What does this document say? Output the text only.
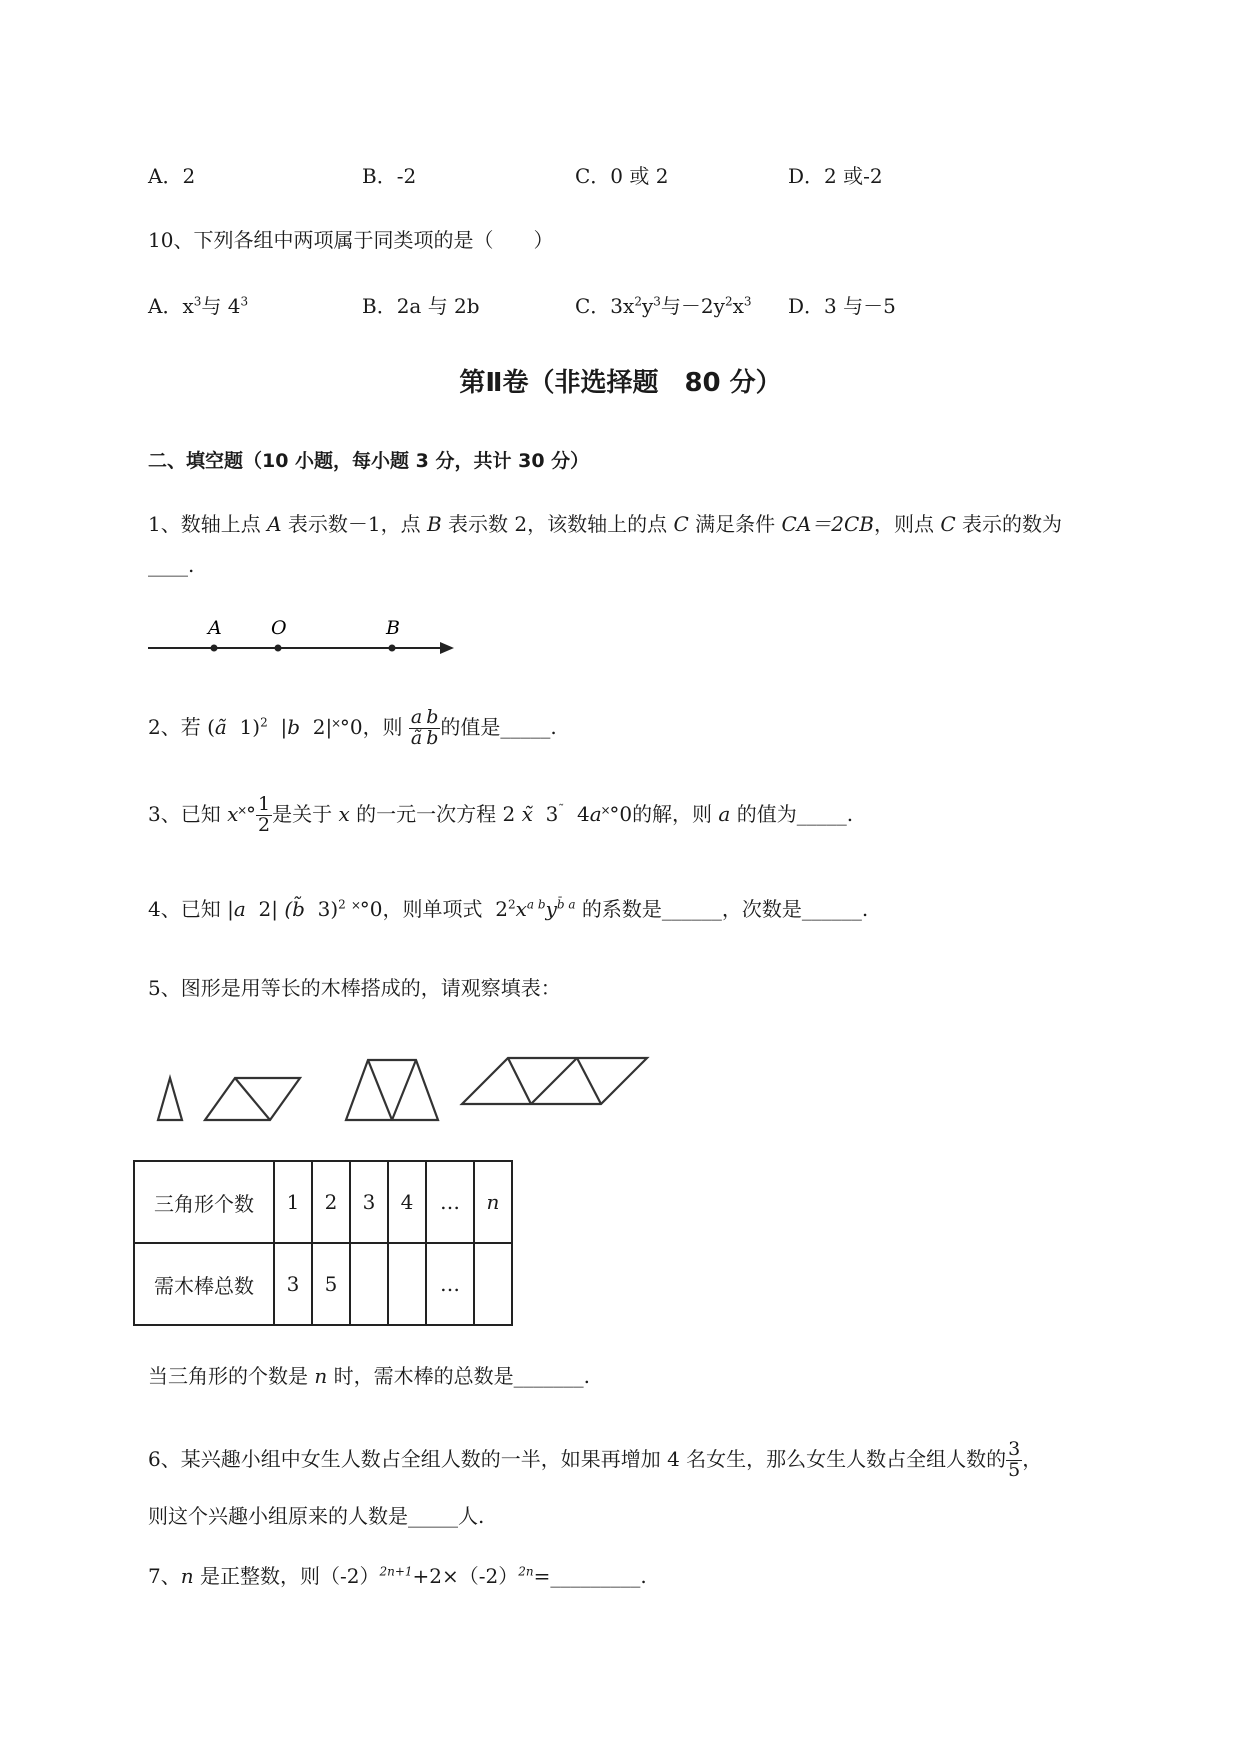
A．2	B．-2	C．0 或 2	D．2 或-2
10、下列各组中两项属于同类项的是（　　）
A．$x^3$与 $4^3$	B．2a 与 2b	C．$3x^2y^3$与$-2y^2x^3$ D．3 与－5
第Ⅱ卷（非选择题　80 分）
二、填空题（10 小题，每小题 3 分，共计 30 分）
1、数轴上点 A 表示数－1，点 B 表示数 2，该数轴上的点 C 满足条件 CA＝2CB，则点 C 表示的数为
____.
A	O	B
2、若 (ã 1)$^2$ |b 2|˟°0，则 $\frac{a}{ã} \frac{b}{b}$ 的值是_____.
3、已知 x˟° $\frac{1}{2}$ 是关于 x 的一元一次方程 2 x̃ 3˜ 4a˟°0的解，则 a 的值为_____.
4、已知 |a 2| (b̃ 3)$^2$ ˟°0，则单项式  $2^2x^{a b}y^{b̄ a}$ 的系数是______，次数是______.
5、图形是用等长的木棒搭成的，请观察填表：
三角形个数	1	2	3	4	…	n
需木棒总数	3	5			…	
当三角形的个数是 n 时，需木棒的总数是_______.
6、某兴趣小组中女生人数占全组人数的一半，如果再增加 4 名女生，那么女生人数占全组人数的 $\frac{3}{5}$ ，
则这个兴趣小组原来的人数是_____人.
7、n 是正整数，则$(-2)^{2n+1}+2\times(-2)^{2n}=\_\_\_\_\_\_\_\_\_$.
